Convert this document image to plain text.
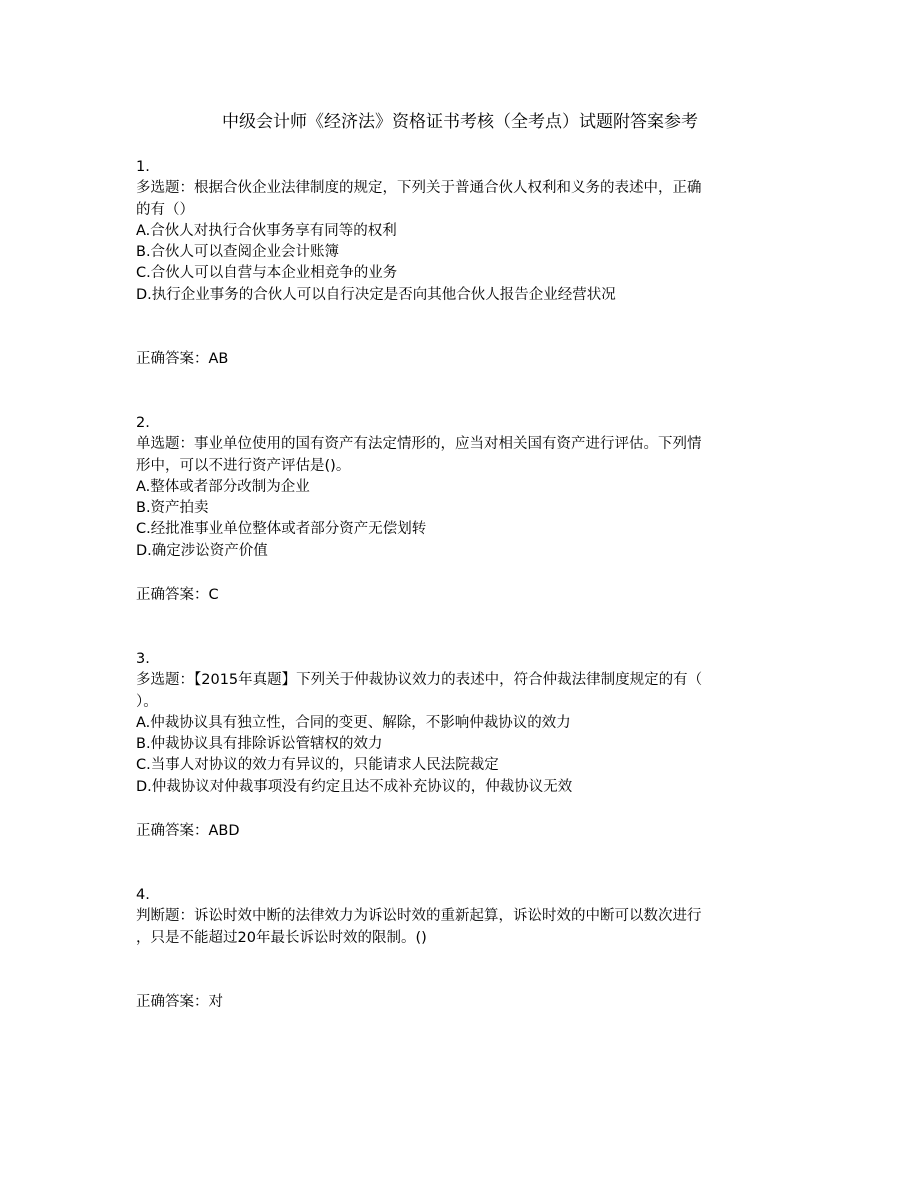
中级会计师《经济法》资格证书考核（全考点）试题附答案参考
1.
多选题：根据合伙企业法律制度的规定，下列关于普通合伙人权利和义务的表述中，正确
的有（）
A.合伙人对执行合伙事务享有同等的权利
B.合伙人可以查阅企业会计账簿
C.合伙人可以自营与本企业相竞争的业务
D.执行企业事务的合伙人可以自行决定是否向其他合伙人报告企业经营状况
正确答案：AB
2.
单选题：事业单位使用的国有资产有法定情形的，应当对相关国有资产进行评估。下列情
形中，可以不进行资产评估是()。
A.整体或者部分改制为企业
B.资产拍卖
C.经批准事业单位整体或者部分资产无偿划转
D.确定涉讼资产价值
正确答案：C
3.
多选题：【2015年真题】下列关于仲裁协议效力的表述中，符合仲裁法律制度规定的有（
）。
A.仲裁协议具有独立性，合同的变更、解除，不影响仲裁协议的效力
B.仲裁协议具有排除诉讼管辖权的效力
C.当事人对协议的效力有异议的，只能请求人民法院裁定
D.仲裁协议对仲裁事项没有约定且达不成补充协议的，仲裁协议无效
正确答案：ABD
4.
判断题：诉讼时效中断的法律效力为诉讼时效的重新起算，诉讼时效的中断可以数次进行
，只是不能超过20年最长诉讼时效的限制。()
正确答案：对
